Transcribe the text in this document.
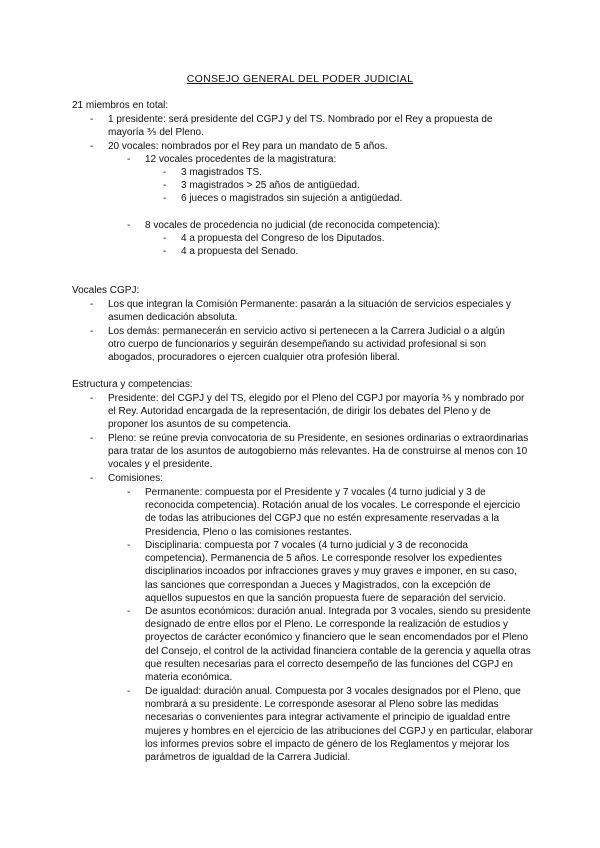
CONSEJO GENERAL DEL PODER JUDICIAL
21 miembros en total:
- 1 presidente: será presidente del CGPJ y del TS. Nombrado por el Rey a propuesta de mayoría ⅗ del Pleno.
- 20 vocales: nombrados por el Rey para un mandato de 5 años.
- 12 vocales procedentes de la magistratura:
- 3 magistrados TS.
- 3 magistrados > 25 años de antigüedad.
- 6 jueces o magistrados sin sujeción a antigüedad.
- 8 vocales de procedencia no judicial (de reconocida competencia):
- 4 a propuesta del Congreso de los Diputados.
- 4 a propuesta del Senado.
Vocales CGPJ:
- Los que integran la Comisión Permanente: pasarán a la situación de servicios especiales y asumen dedicación absoluta.
- Los demás: permanecerán en servicio activo si pertenecen a la Carrera Judicial o a algún otro cuerpo de funcionarios y seguirán desempeñando su actividad profesional si son abogados, procuradores o ejercen cualquier otra profesión liberal.
Estructura y competencias:
- Presidente: del CGPJ y del TS, elegido por el Pleno del CGPJ por mayoría ⅗ y nombrado por el Rey. Autoridad encargada de la representación, de dirigir los debates del Pleno y de proponer los asuntos de su competencia.
- Pleno: se reúne previa convocatoria de su Presidente, en sesiones ordinarias o extraordinarias para tratar de los asuntos de autogobierno más relevantes. Ha de construirse al menos con 10 vocales y el presidente.
- Comisiones:
- Permanente: compuesta por el Presidente y 7 vocales (4 turno judicial y 3 de reconocida competencia). Rotación anual de los vocales. Le corresponde el ejercicio de todas las atribuciones del CGPJ que no estén expresamente reservadas a la Presidencia, Pleno o las comisiones restantes.
- Disciplinaria: compuesta por 7 vocales (4 turno judicial y 3 de reconocida competencia). Permanencia de 5 años. Le corresponde resolver los expedientes disciplinarios incoados por infracciones graves y muy graves e imponer, en su caso, las sanciones que correspondan a Jueces y Magistrados, con la excepción de aquellos supuestos en que la sanción propuesta fuere de separación del servicio.
- De asuntos económicos: duración anual. Integrada por 3 vocales, siendo su presidente designado de entre ellos por el Pleno. Le corresponde la realización de estudios y proyectos de carácter económico y financiero que le sean encomendados por el Pleno del Consejo, el control de la actividad financiera contable de la gerencia y aquella otras que resulten necesarias para el correcto desempeño de las funciones del CGPJ en materia económica.
- De igualdad: duración anual. Compuesta por 3 vocales designados por el Pleno, que nombrará a su presidente. Le corresponde asesorar al Pleno sobre las medidas necesarias o convenientes para integrar activamente el principio de igualdad entre mujeres y hombres en el ejercicio de las atribuciones del CGPJ y en particular, elaborar los informes previos sobre el impacto de género de los Reglamentos y mejorar los parámetros de igualdad de la Carrera Judicial.
